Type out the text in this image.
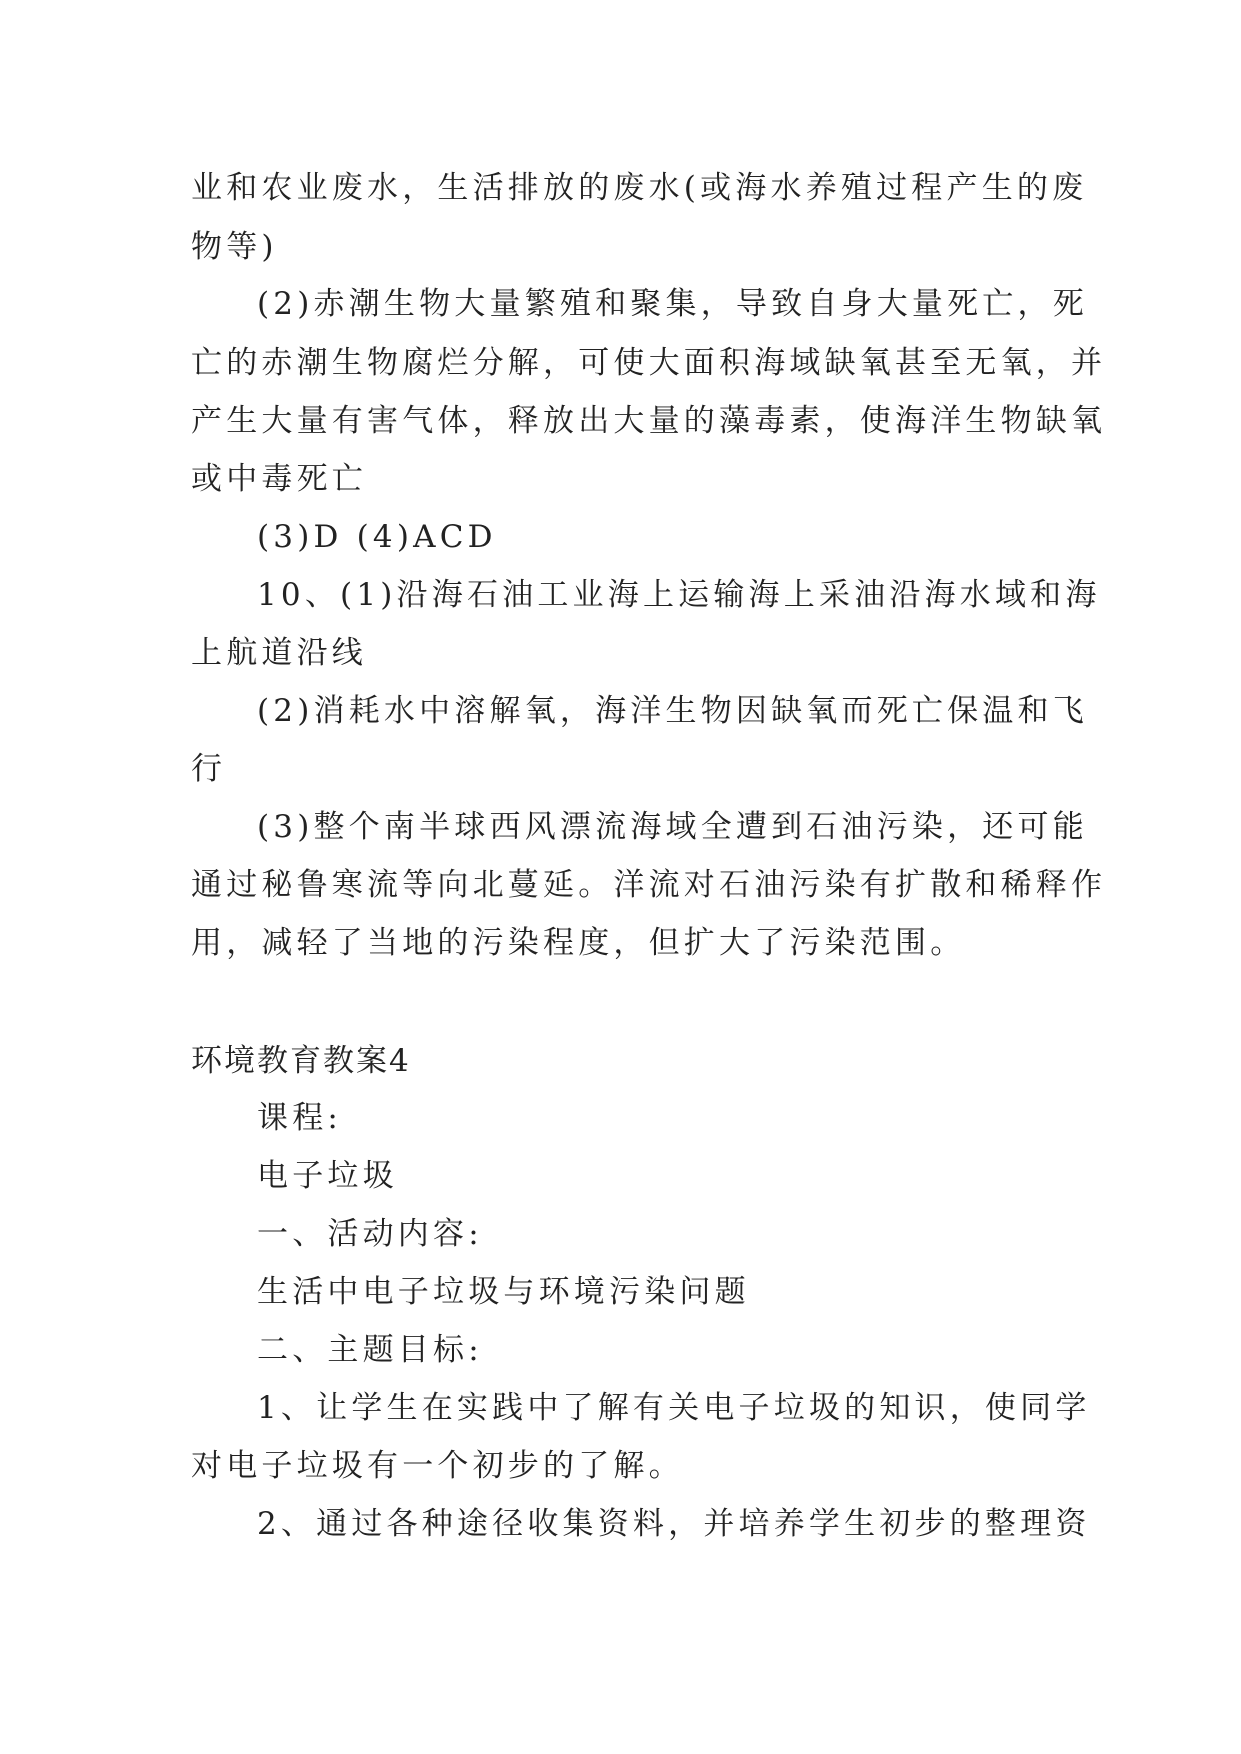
业和农业废水，生活排放的废水(或海水养殖过程产生的废
物等)
(2)赤潮生物大量繁殖和聚集，导致自身大量死亡，死
亡的赤潮生物腐烂分解，可使大面积海域缺氧甚至无氧，并
产生大量有害气体，释放出大量的藻毒素，使海洋生物缺氧
或中毒死亡
(3)D (4)ACD
10、(1)沿海石油工业海上运输海上采油沿海水域和海
上航道沿线
(2)消耗水中溶解氧，海洋生物因缺氧而死亡保温和飞
行
(3)整个南半球西风漂流海域全遭到石油污染，还可能
通过秘鲁寒流等向北蔓延。洋流对石油污染有扩散和稀释作
用，减轻了当地的污染程度，但扩大了污染范围。
环境教育教案4
课程:
电子垃圾
一、活动内容:
生活中电子垃圾与环境污染问题
二、主题目标:
1、让学生在实践中了解有关电子垃圾的知识，使同学
对电子垃圾有一个初步的了解。
2、通过各种途径收集资料，并培养学生初步的整理资
